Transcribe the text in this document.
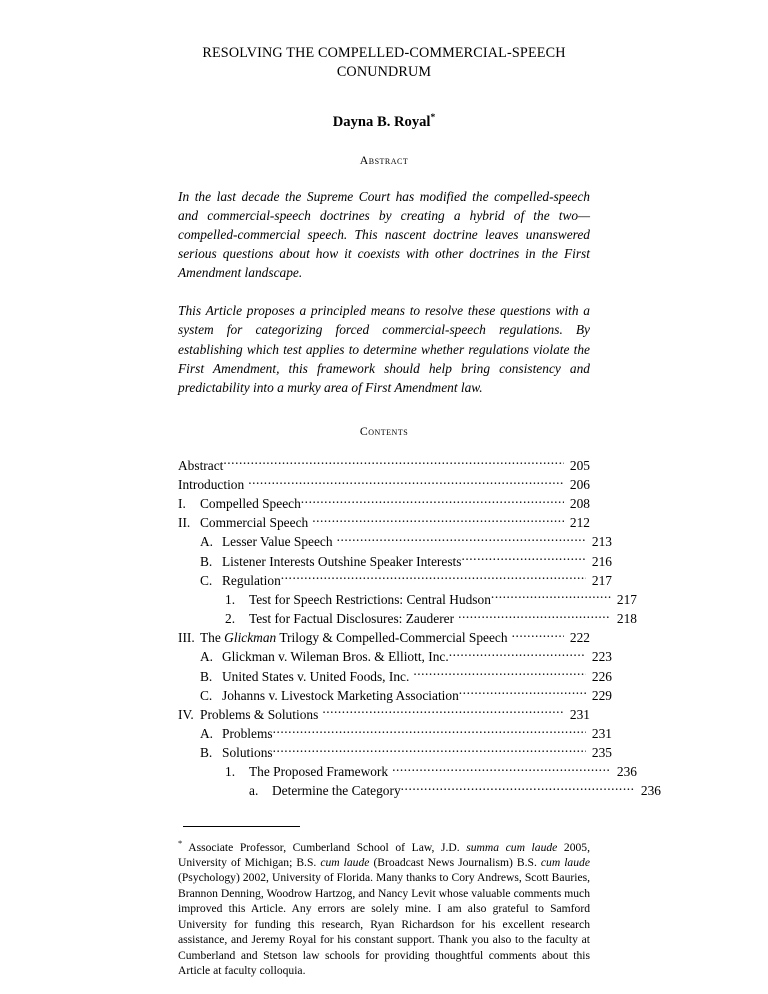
RESOLVING THE COMPELLED-COMMERCIAL-SPEECH
CONUNDRUM
Dayna B. Royal*
Abstract
In the last decade the Supreme Court has modified the compelled-speech and commercial-speech doctrines by creating a hybrid of the two—compelled-commercial speech. This nascent doctrine leaves unanswered serious questions about how it coexists with other doctrines in the First Amendment landscape.
This Article proposes a principled means to resolve these questions with a system for categorizing forced commercial-speech regulations. By establishing which test applies to determine whether regulations violate the First Amendment, this framework should help bring consistency and predictability into a murky area of First Amendment law.
Contents
Abstract .....	205
Introduction .....	206
I.	Compelled Speech .....	208
II. Commercial Speech .....	212
A. Lesser Value Speech .....	213
B. Listener Interests Outshine Speaker Interests .....	216
C. Regulation .....	217
1.	Test for Speech Restrictions: Central Hudson .....	217
2.	Test for Factual Disclosures: Zauderer .....	218
III. The Glickman Trilogy & Compelled-Commercial Speech .....	222
A. Glickman v. Wileman Bros. & Elliott, Inc. .....	223
B. United States v. United Foods, Inc. .....	226
C. Johanns v. Livestock Marketing Association .....	229
IV. Problems & Solutions .....	231
A. Problems .....	231
B. Solutions .....	235
1.	The Proposed Framework .....	236
a.	Determine the Category .....	236
* Associate Professor, Cumberland School of Law, J.D. summa cum laude 2005, University of Michigan; B.S. cum laude (Broadcast News Journalism) B.S. cum laude (Psychology) 2002, University of Florida. Many thanks to Cory Andrews, Scott Bauries, Brannon Denning, Woodrow Hartzog, and Nancy Levit whose valuable comments much improved this Article. Any errors are solely mine. I am also grateful to Samford University for funding this research, Ryan Richardson for his excellent research assistance, and Jeremy Royal for his constant support. Thank you also to the faculty at Cumberland and Stetson law schools for providing thoughtful comments about this Article at faculty colloquia.
